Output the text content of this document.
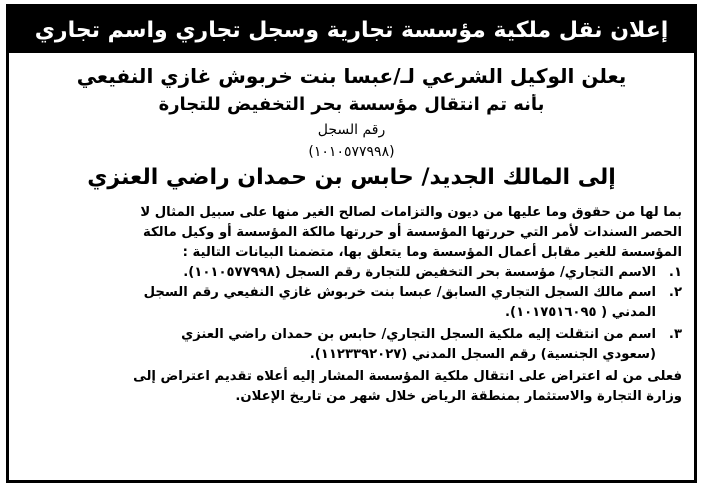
إعلان نقل ملكية مؤسسة تجارية وسجل تجاري واسم تجاري
يعلن الوكيل الشرعي لـ/عبسا بنت خربوش غازي النفيعي
بأنه تم انتقال مؤسسة بحر التخفيض للتجارة
رقم السجل
(١٠١٠٥٧٧٩٩٨)
إلى المالك الجديد/ حابس بن حمدان راضي العنزي
بما لها من حقوق وما عليها من ديون والتزامات لصالح الغير منها على سبيل المثال لا
الحصر السندات لأمر التي حررتها المؤسسة أو حررتها مالكة المؤسسة أو وكيل مالكة
المؤسسة للغير مقابل أعمال المؤسسة وما يتعلق بها، متضمنا البيانات التالية :
١.
الاسم التجاري/ مؤسسة بحر التخفيض للتجارة رقم السجل (١٠١٠٥٧٧٩٩٨).
٢.
اسم مالك السجل التجاري السابق/ عبسا بنت خربوش غازي النفيعي رقم السجل
المدني ( ١٠١٧٥١٦٠٩٥).
٣.
اسم من انتقلت إليه ملكية السجل التجاري/ حابس بن حمدان راضي العنزي
(سعودي الجنسية) رقم السجل المدني (١١٢٣٣٩٢٠٢٧).
فعلى من له اعتراض على انتقال ملكية المؤسسة المشار إليه أعلاه تقديم اعتراض إلى
وزارة التجارة والاستثمار بمنطقة الرياض خلال شهر من تاريخ الإعلان.
